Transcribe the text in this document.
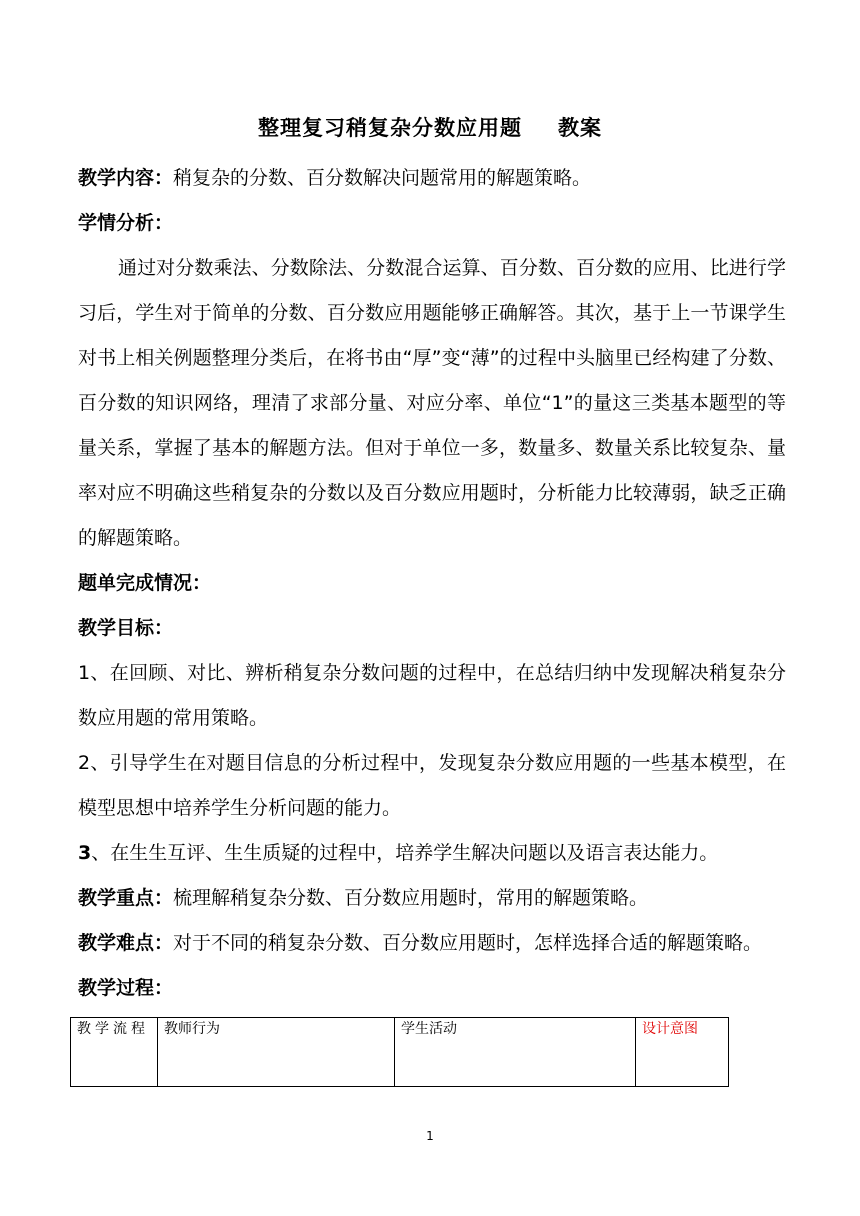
整理复习稍复杂分数应用题 教案

教学内容：稍复杂的分数、百分数解决问题常用的解题策略。

学情分析：

通过对分数乘法、分数除法、分数混合运算、百分数、百分数的应用、比进行学习后，学生对于简单的分数、百分数应用题能够正确解答。其次，基于上一节课学生对书上相关例题整理分类后，在将书由“厚”变“薄”的过程中头脑里已经构建了分数、百分数的知识网络，理清了求部分量、对应分率、单位“1”的量这三类基本题型的等量关系，掌握了基本的解题方法。但对于单位一多，数量多、数量关系比较复杂、量率对应不明确这些稍复杂的分数以及百分数应用题时，分析能力比较薄弱，缺乏正确的解题策略。

题单完成情况：

教学目标：

1、在回顾、对比、辨析稍复杂分数问题的过程中，在总结归纳中发现解决稍复杂分数应用题的常用策略。

2、引导学生在对题目信息的分析过程中，发现复杂分数应用题的一些基本模型，在模型思想中培养学生分析问题的能力。

3、在生生互评、生生质疑的过程中，培养学生解决问题以及语言表达能力。

教学重点：梳理解稍复杂分数、百分数应用题时，常用的解题策略。

教学难点：对于不同的稍复杂分数、百分数应用题时，怎样选择合适的解题策略。

教学过程：

教学流程	教师行为	学生活动	设计意图
1
